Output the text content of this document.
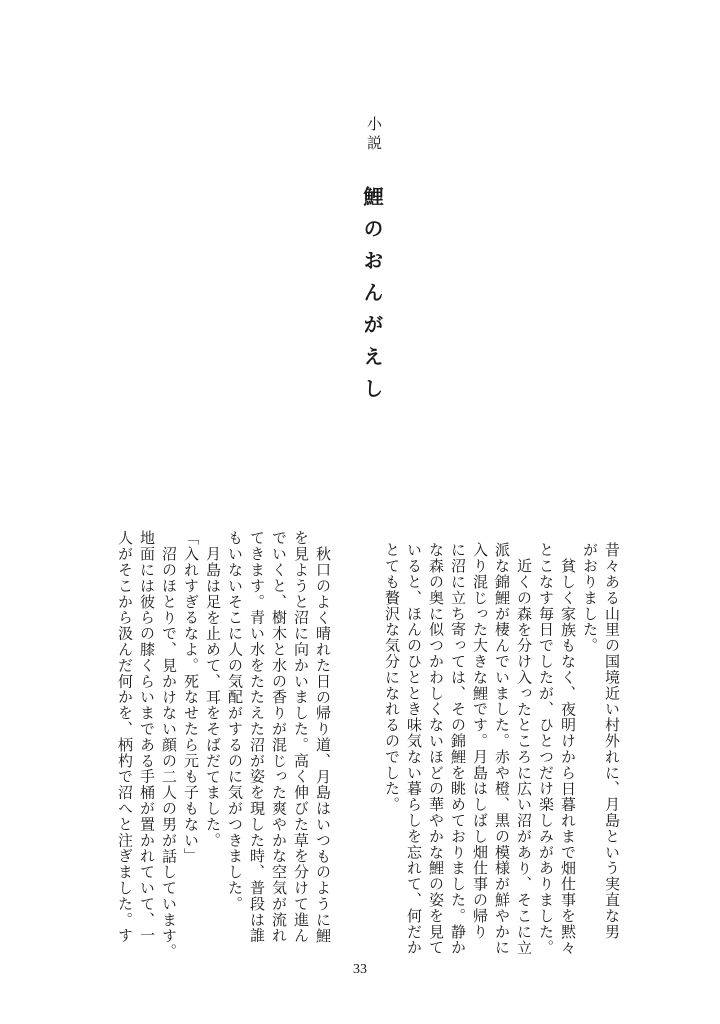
小説
鯉のおんがえし
昔々ある山里の国境近い村外れに、月島という実直な男
がおりました。
貧しく家族もなく、夜明けから日暮れまで畑仕事を黙々
とこなす毎日でしたが、ひとつだけ楽しみがありました。
近くの森を分け入ったところに広い沼があり、そこに立
派な錦鯉が棲んでいました。赤や橙、黒の模様が鮮やかに
入り混じった大きな鯉です。月島はしばし畑仕事の帰り
に沼に立ち寄っては、その錦鯉を眺めておりました。静か
な森の奥に似つかわしくないほどの華やかな鯉の姿を見て
いると、ほんのひととき味気ない暮らしを忘れて、何だか
とても贅沢な気分になれるのでした。
秋口のよく晴れた日の帰り道、月島はいつものように鯉
を見ようと沼に向かいました。高く伸びた草を分けて進ん
でいくと、樹木と水の香りが混じった爽やかな空気が流れ
てきます。青い水をたたえた沼が姿を現した時、普段は誰
もいないそこに人の気配がするのに気がつきました。
月島は足を止めて、耳をそばだてました。
「入れすぎるなよ。死なせたら元も子もない」
沼のほとりで、見かけない顔の二人の男が話しています。
地面には彼らの膝くらいまである手桶が置かれていて、一
人がそこから汲んだ何かを、柄杓で沼へと注ぎました。す
33
